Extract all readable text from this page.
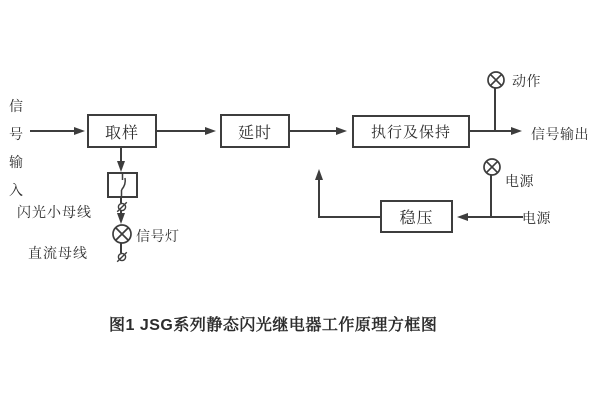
信号输入
取样	延时	执行及保持	信号输出
动作
电源
电源
稳压
闪光小母线
信号灯
直流母线
图1 JSG系列静态闪光继电器工作原理方框图
